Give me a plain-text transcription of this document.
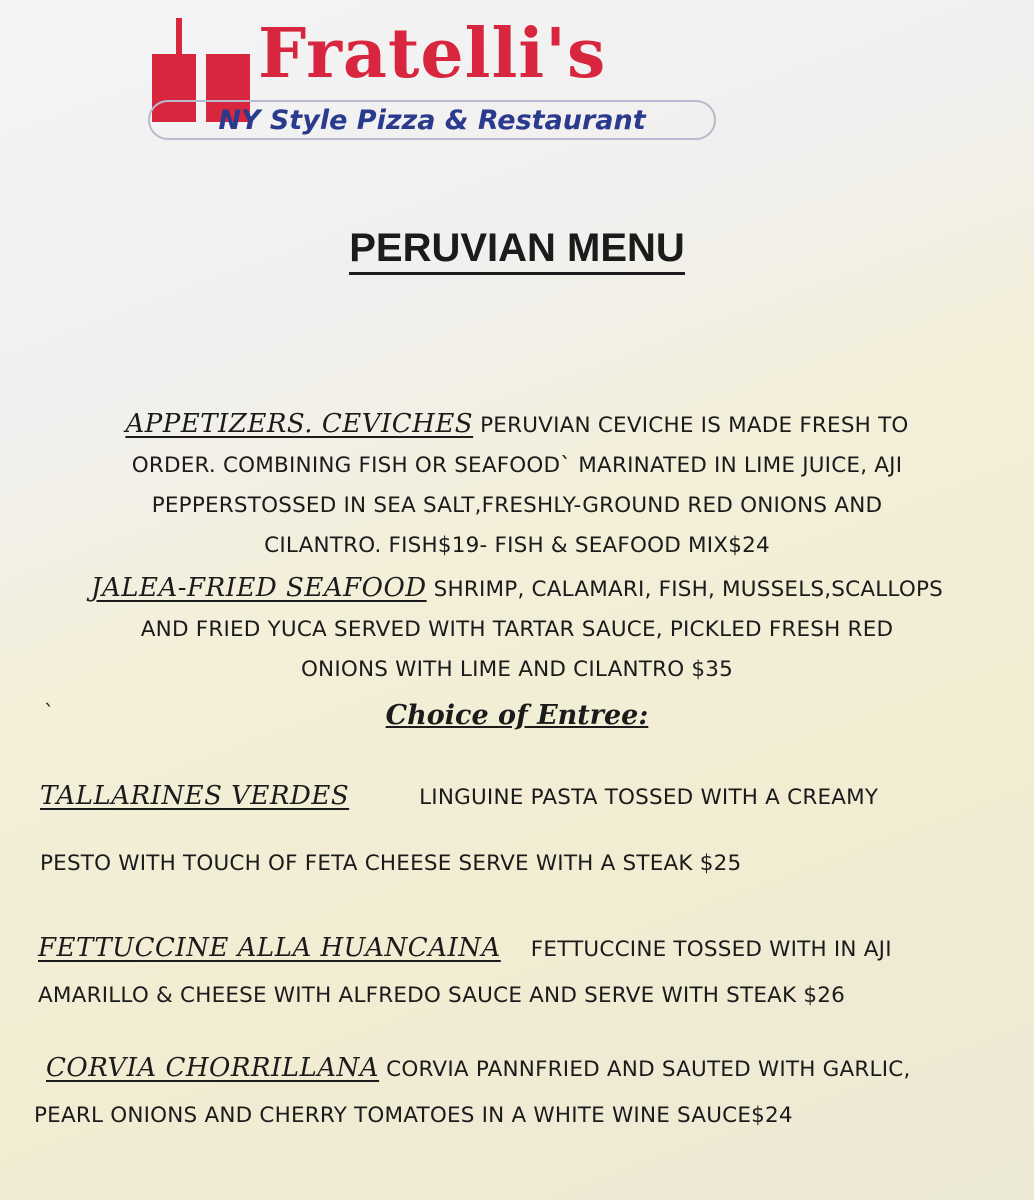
Fratelli's
NY Style Pizza & Restaurant
PERUVIAN MENU
APPETIZERS. CEVICHES PERUVIAN CEVICHE IS MADE FRESH TO
ORDER. COMBINING FISH OR SEAFOOD` MARINATED IN LIME JUICE, AJI
PEPPERSTOSSED IN SEA SALT,FRESHLY-GROUND RED ONIONS AND
CILANTRO. FISH$19- FISH & SEAFOOD MIX$24
JALEA-FRIED SEAFOOD SHRIMP, CALAMARI, FISH, MUSSELS,SCALLOPS
AND FRIED YUCA SERVED WITH TARTAR SAUCE, PICKLED FRESH RED
ONIONS WITH LIME AND CILANTRO $35
`	Choice of Entree:
TALLARINES VERDES	LINGUINE PASTA TOSSED WITH A CREAMY
PESTO WITH TOUCH OF FETA CHEESE SERVE WITH A STEAK $25
FETTUCCINE ALLA HUANCAINA FETTUCCINE TOSSED WITH IN AJI
AMARILLO & CHEESE WITH ALFREDO SAUCE AND SERVE WITH STEAK $26
CORVIA CHORRILLANA CORVIA PANNFRIED AND SAUTED WITH GARLIC,
PEARL ONIONS AND CHERRY TOMATOES IN A WHITE WINE SAUCE$24
